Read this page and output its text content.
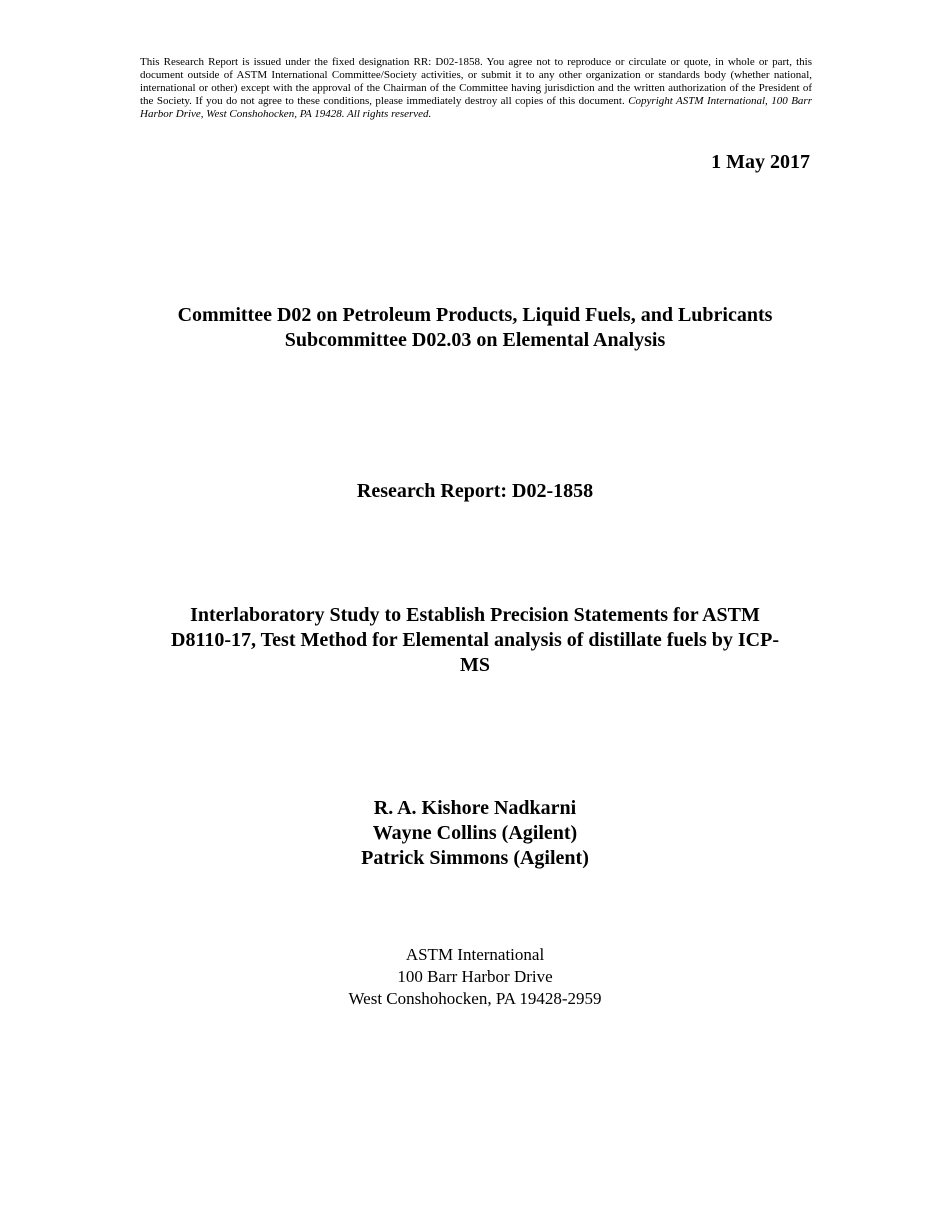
This Research Report is issued under the fixed designation RR: D02-1858. You agree not to reproduce or circulate or quote, in whole or part, this document outside of ASTM International Committee/Society activities, or submit it to any other organization or standards body (whether national, international or other) except with the approval of the Chairman of the Committee having jurisdiction and the written authorization of the President of the Society. If you do not agree to these conditions, please immediately destroy all copies of this document. Copyright ASTM International, 100 Barr Harbor Drive, West Conshohocken, PA 19428. All rights reserved.
1 May 2017
Committee D02 on Petroleum Products, Liquid Fuels, and Lubricants
Subcommittee D02.03 on Elemental Analysis
Research Report: D02-1858
Interlaboratory Study to Establish Precision Statements for ASTM
D8110-17, Test Method for Elemental analysis of distillate fuels by ICP-
MS
R. A. Kishore Nadkarni
Wayne Collins (Agilent)
Patrick Simmons (Agilent)
ASTM International
100 Barr Harbor Drive
West Conshohocken, PA 19428-2959
